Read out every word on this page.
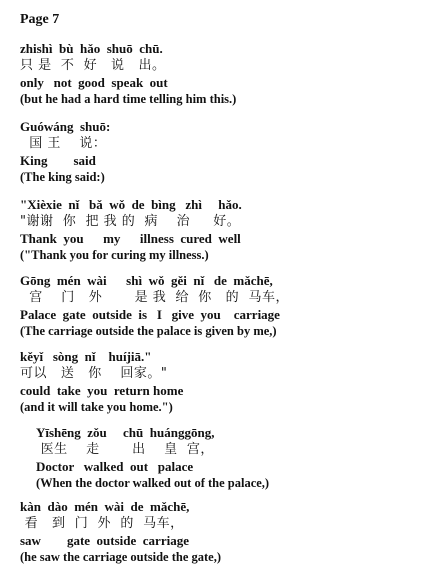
Page 7
zhishì  bù  hǎo  shuō  chū.
只 是  不  好   说   出。
only   not  good  speak  out
(but he had a hard time telling him this.)
Guówáng  shuō:
国 王    说：
King        said
(The king said:)
"Xièxie  nǐ   bǎ  wǒ  de  bìng   zhì     hǎo.
"谢谢  你  把 我 的  病    治     好。
Thank  you      my      illness  cured  well
("Thank you for curing my illness.)
Gōng  mén  wài      shì  wǒ  gěi  nǐ   de  mǎchē,
宫    门   外       是 我  给  你   的  马车，
Palace  gate  outside  is   I   give  you    carriage
(The carriage outside the palace is given by me,)
kěyǐ   sòng  nǐ    huíjiā."
可以   送   你    回家。"
could  take  you  return home
(and it will take you home.")
Yīshēng  zǒu     chū  huánggōng,
医生    走       出    皇  宫，
Doctor   walked  out   palace
(When the doctor walked out of the palace,)
kàn  dào  mén  wài  de  mǎchē,
看   到  门  外  的  马车，
saw        gate  outside  carriage
(he saw the carriage outside the gate,)
